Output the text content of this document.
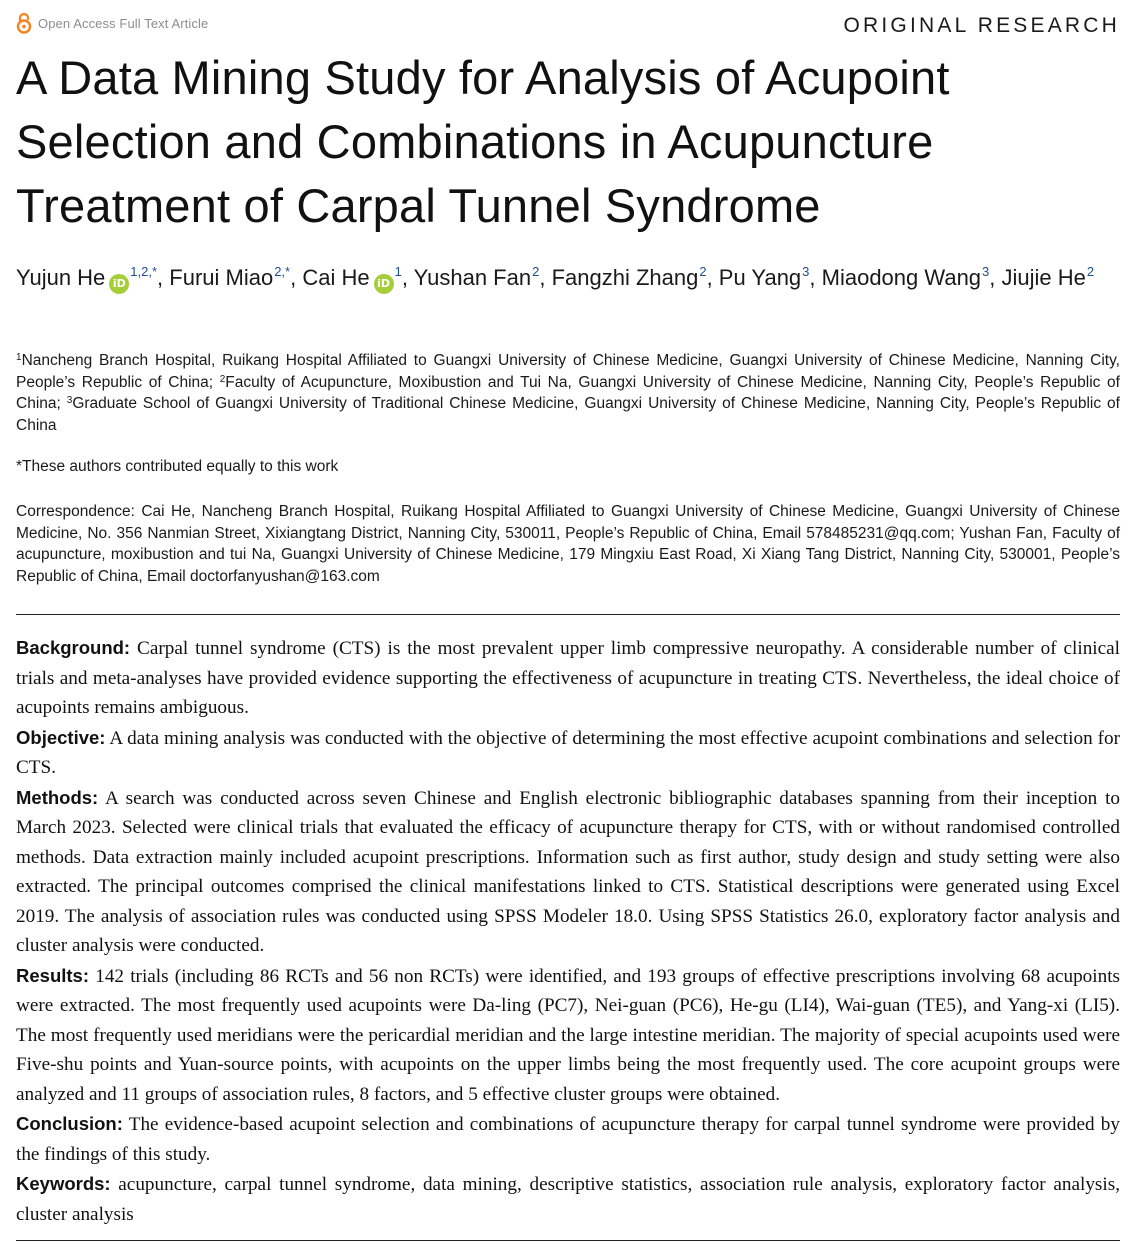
Open Access Full Text Article	ORIGINAL RESEARCH
A Data Mining Study for Analysis of Acupoint Selection and Combinations in Acupuncture Treatment of Carpal Tunnel Syndrome
Yujun He $iD^{1,2,*}$, Furui Miao$^{2,*}$, Cai He $iD^1$, Yushan Fan$^2$, Fangzhi Zhang$^2$, Pu Yang$^3$, Miaodong Wang$^3$, Jiujie He$^2$

$^1$Nancheng Branch Hospital, Ruikang Hospital Affiliated to Guangxi University of Chinese Medicine, Guangxi University of Chinese Medicine, Nanning City, People’s Republic of China; $^2$Faculty of Acupuncture, Moxibustion and Tui Na, Guangxi University of Chinese Medicine, Nanning City, People’s Republic of China; $^3$Graduate School of Guangxi University of Traditional Chinese Medicine, Guangxi University of Chinese Medicine, Nanning City, People’s Republic of China

*These authors contributed equally to this work

Correspondence: Cai He, Nancheng Branch Hospital, Ruikang Hospital Affiliated to Guangxi University of Chinese Medicine, Guangxi University of Chinese Medicine, No. 356 Nanmian Street, Xixiangtang District, Nanning City, 530011, People’s Republic of China, Email 578485231@qq.com; Yushan Fan, Faculty of acupuncture, moxibustion and tui Na, Guangxi University of Chinese Medicine, 179 Mingxiu East Road, Xi Xiang Tang District, Nanning City, 530001, People’s Republic of China, Email doctorfanyushan@163.com

Background: Carpal tunnel syndrome (CTS) is the most prevalent upper limb compressive neuropathy. A considerable number of clinical trials and meta-analyses have provided evidence supporting the effectiveness of acupuncture in treating CTS. Nevertheless, the ideal choice of acupoints remains ambiguous.

Objective: A data mining analysis was conducted with the objective of determining the most effective acupoint combinations and selection for CTS.

Methods: A search was conducted across seven Chinese and English electronic bibliographic databases spanning from their inception to March 2023. Selected were clinical trials that evaluated the efficacy of acupuncture therapy for CTS, with or without randomised controlled methods. Data extraction mainly included acupoint prescriptions. Information such as first author, study design and study setting were also extracted. The principal outcomes comprised the clinical manifestations linked to CTS. Statistical descriptions were generated using Excel 2019. The analysis of association rules was conducted using SPSS Modeler 18.0. Using SPSS Statistics 26.0, exploratory factor analysis and cluster analysis were conducted.

Results: 142 trials (including 86 RCTs and 56 non RCTs) were identified, and 193 groups of effective prescriptions involving 68 acupoints were extracted. The most frequently used acupoints were Da-ling (PC7), Nei-guan (PC6), He-gu (LI4), Wai-guan (TE5), and Yang-xi (LI5). The most frequently used meridians were the pericardial meridian and the large intestine meridian. The majority of special acupoints used were Five-shu points and Yuan-source points, with acupoints on the upper limbs being the most frequently used. The core acupoint groups were analyzed and 11 groups of association rules, 8 factors, and 5 effective cluster groups were obtained.

Conclusion: The evidence-based acupoint selection and combinations of acupuncture therapy for carpal tunnel syndrome were provided by the findings of this study.

Keywords: acupuncture, carpal tunnel syndrome, data mining, descriptive statistics, association rule analysis, exploratory factor analysis, cluster analysis
